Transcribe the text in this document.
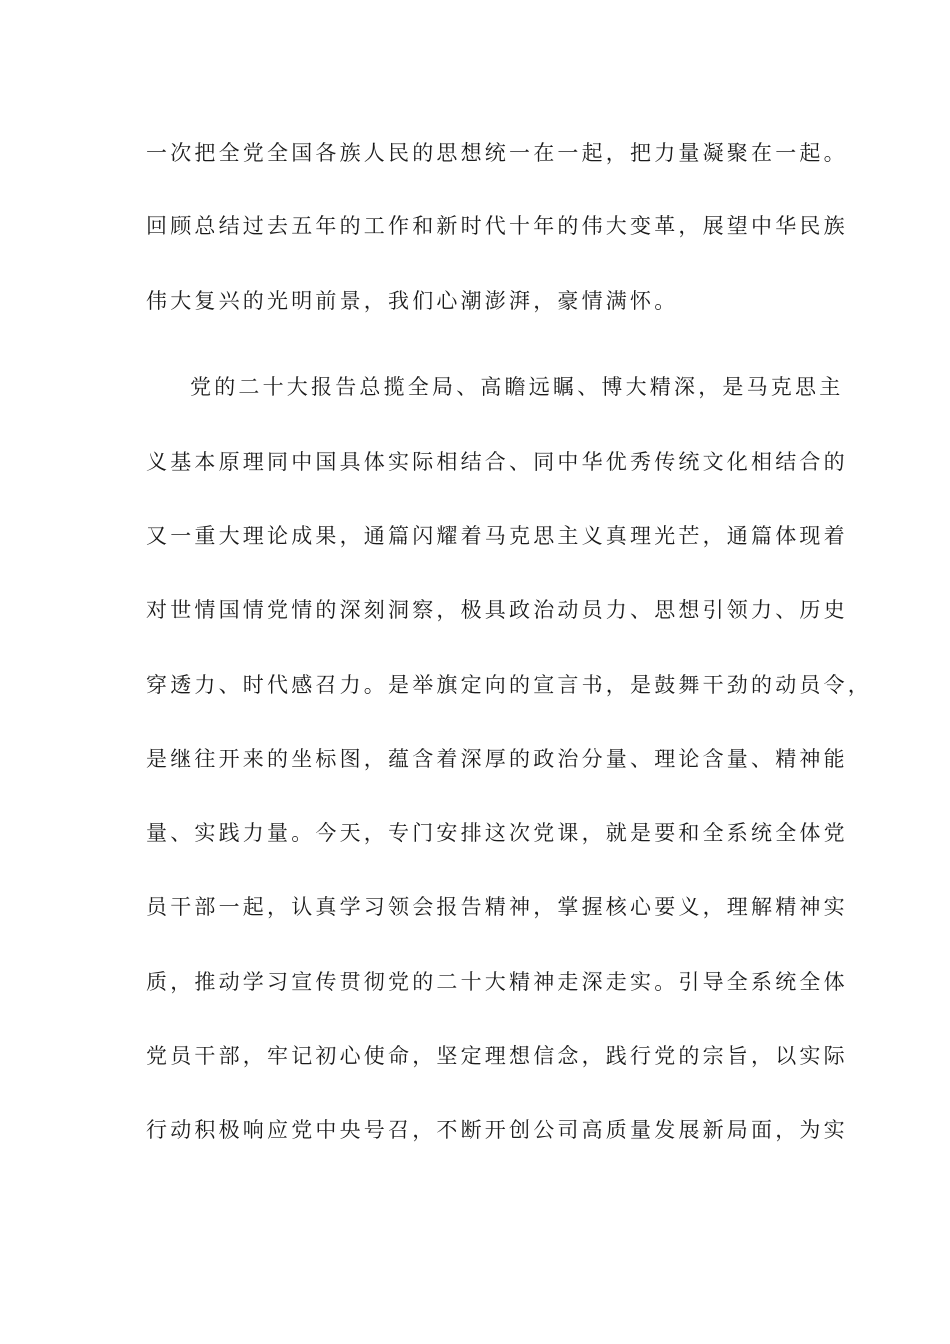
一次把全党全国各族人民的思想统一在一起，把力量凝聚在一起。
回顾总结过去五年的工作和新时代十年的伟大变革，展望中华民族
伟大复兴的光明前景，我们心潮澎湃，豪情满怀。
党的二十大报告总揽全局、高瞻远瞩、博大精深，是马克思主
义基本原理同中国具体实际相结合、同中华优秀传统文化相结合的
又一重大理论成果，通篇闪耀着马克思主义真理光芒，通篇体现着
对世情国情党情的深刻洞察，极具政治动员力、思想引领力、历史
穿透力、时代感召力。是举旗定向的宣言书，是鼓舞干劲的动员令，
是继往开来的坐标图，蕴含着深厚的政治分量、理论含量、精神能
量、实践力量。今天，专门安排这次党课，就是要和全系统全体党
员干部一起，认真学习领会报告精神，掌握核心要义，理解精神实
质，推动学习宣传贯彻党的二十大精神走深走实。引导全系统全体
党员干部，牢记初心使命，坚定理想信念，践行党的宗旨，以实际
行动积极响应党中央号召，不断开创公司高质量发展新局面，为实
